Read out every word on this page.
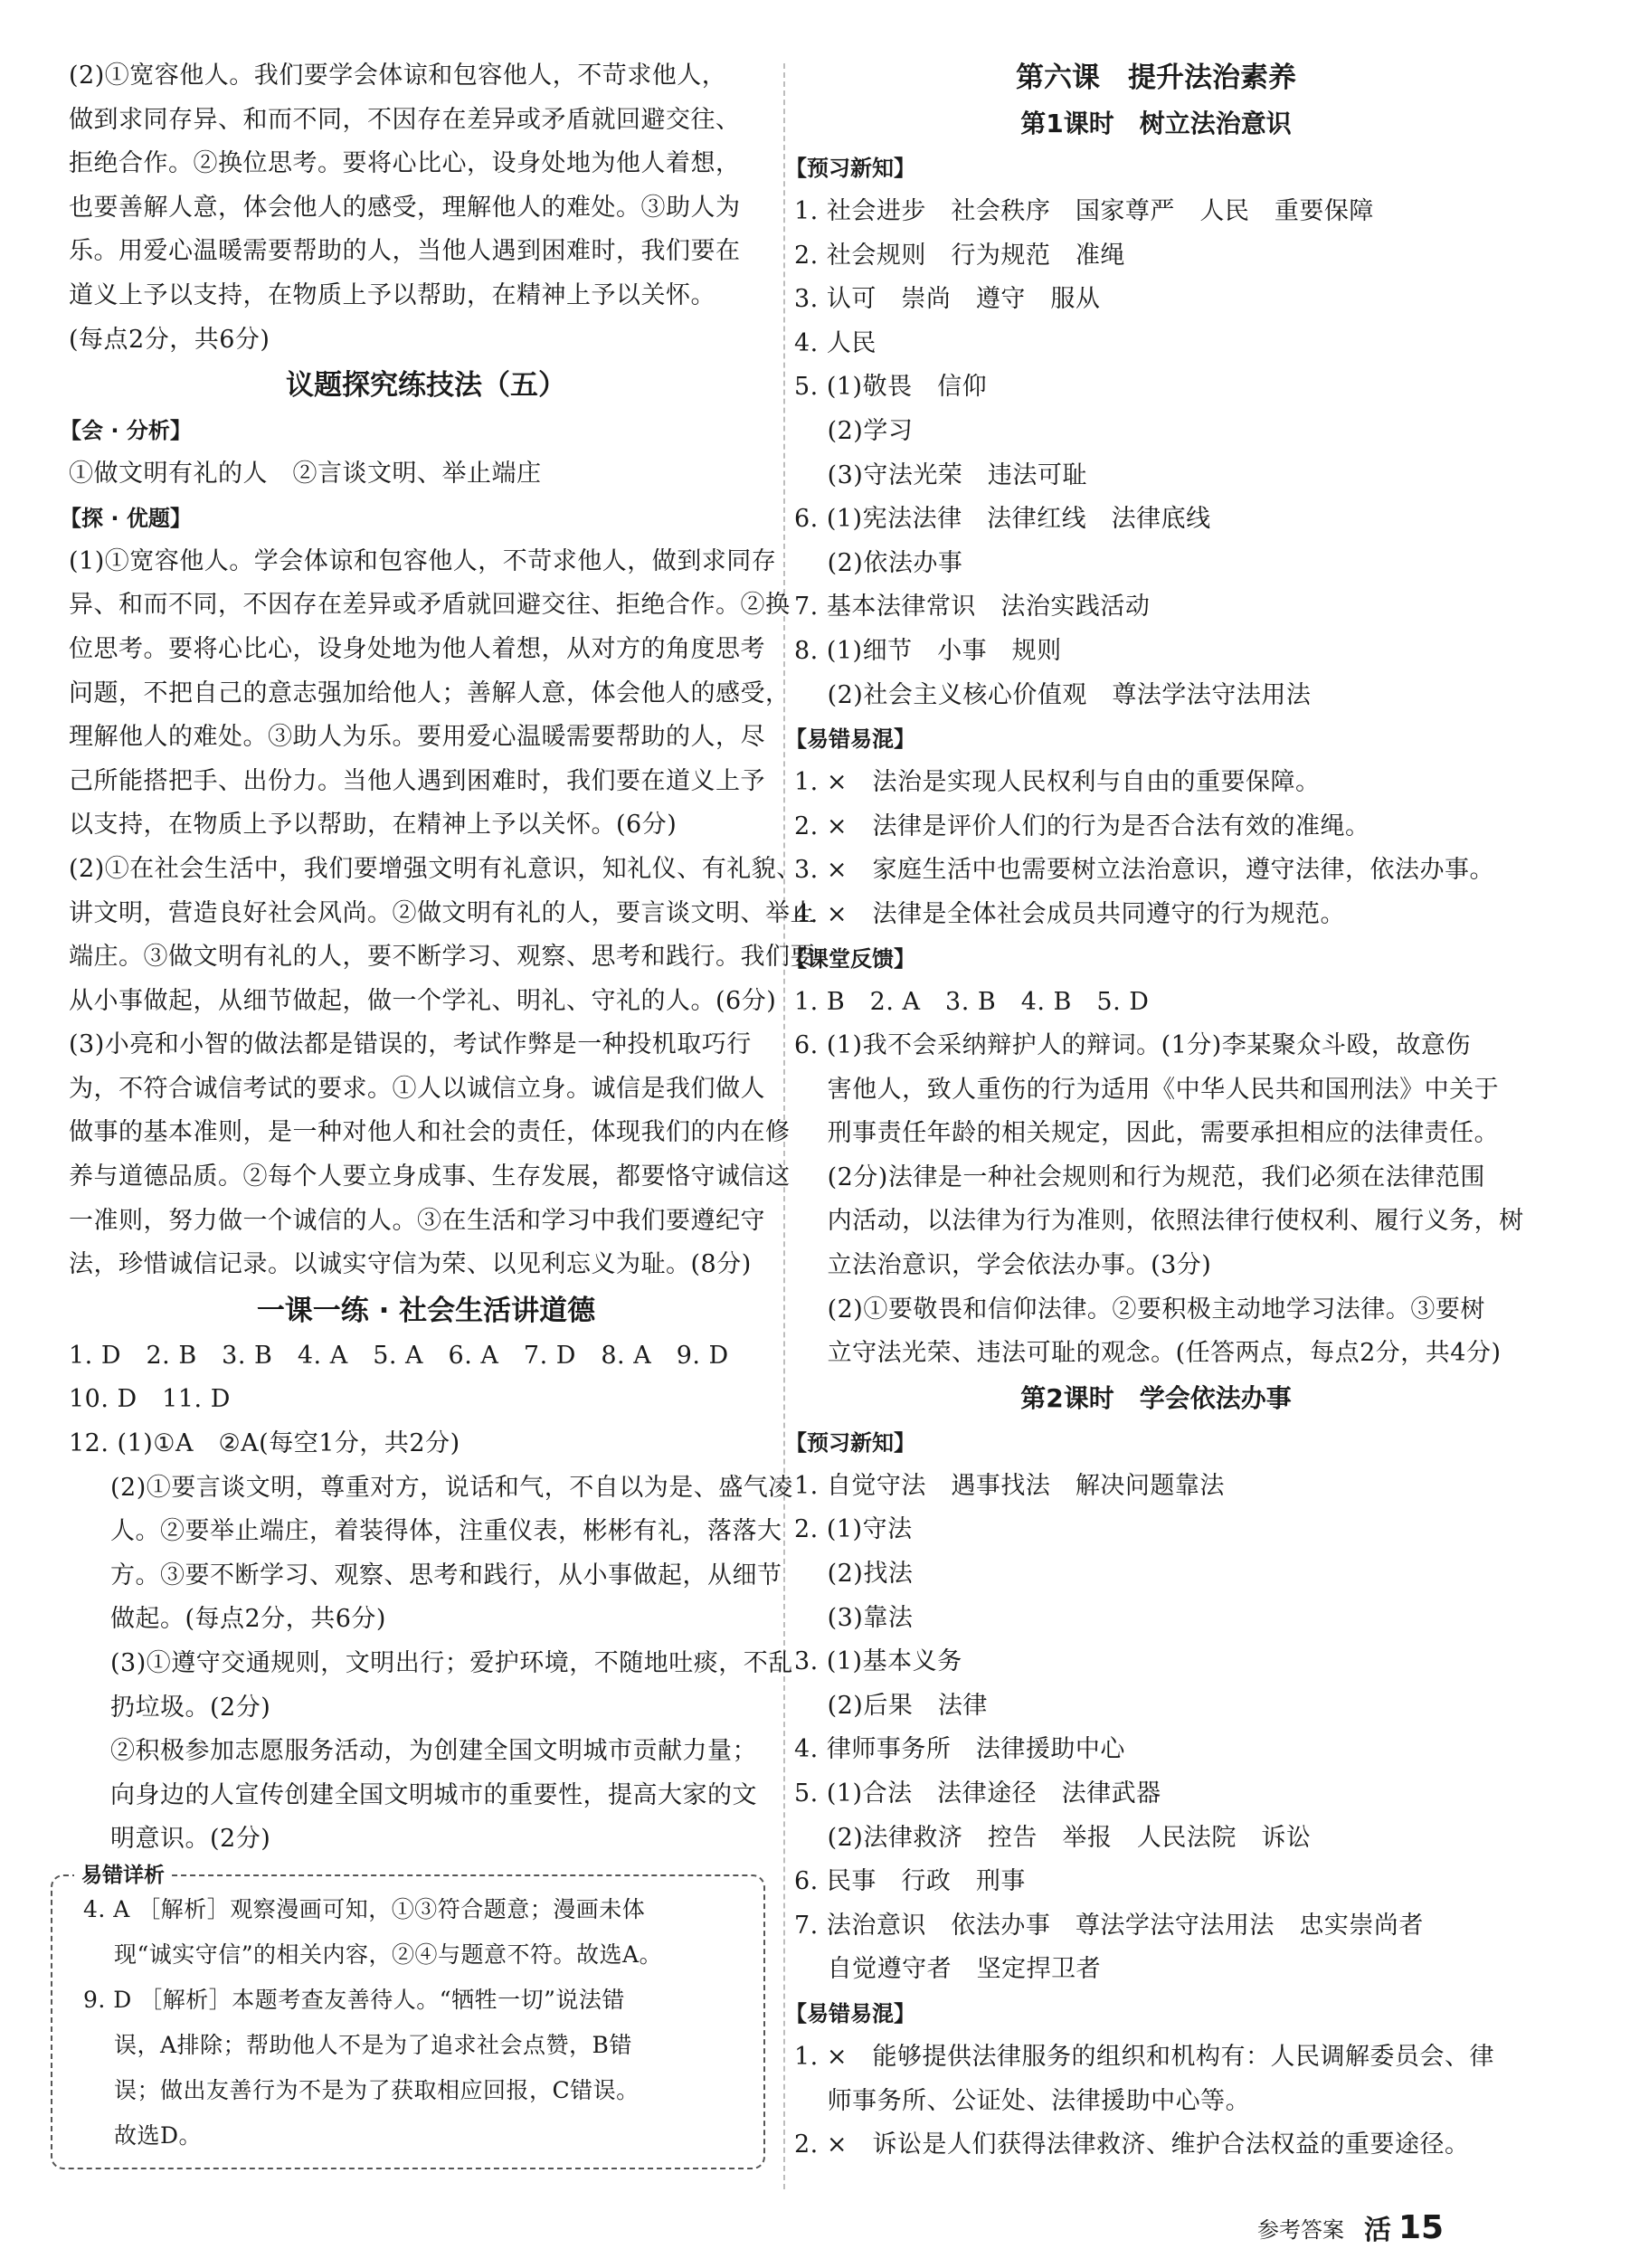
(2)①宽容他人。我们要学会体谅和包容他人，不苛求他人，
做到求同存异、和而不同，不因存在差异或矛盾就回避交往、
拒绝合作。②换位思考。要将心比心，设身处地为他人着想，
也要善解人意，体会他人的感受，理解他人的难处。③助人为
乐。用爱心温暖需要帮助的人，当他人遇到困难时，我们要在
道义上予以支持，在物质上予以帮助，在精神上予以关怀。
(每点2分，共6分)
议题探究练技法（五）
【会 · 分析】
①做文明有礼的人　②言谈文明、举止端庄
【探 · 优题】
(1)①宽容他人。学会体谅和包容他人，不苛求他人，做到求同存
异、和而不同，不因存在差异或矛盾就回避交往、拒绝合作。②换
位思考。要将心比心，设身处地为他人着想，从对方的角度思考
问题，不把自己的意志强加给他人；善解人意，体会他人的感受，
理解他人的难处。③助人为乐。要用爱心温暖需要帮助的人，尽
己所能搭把手、出份力。当他人遇到困难时，我们要在道义上予
以支持，在物质上予以帮助，在精神上予以关怀。(6分)
(2)①在社会生活中，我们要增强文明有礼意识，知礼仪、有礼貌、
讲文明，营造良好社会风尚。②做文明有礼的人，要言谈文明、举止
端庄。③做文明有礼的人，要不断学习、观察、思考和践行。我们要
从小事做起，从细节做起，做一个学礼、明礼、守礼的人。(6分)
(3)小亮和小智的做法都是错误的，考试作弊是一种投机取巧行
为，不符合诚信考试的要求。①人以诚信立身。诚信是我们做人
做事的基本准则，是一种对他人和社会的责任，体现我们的内在修
养与道德品质。②每个人要立身成事、生存发展，都要恪守诚信这
一准则，努力做一个诚信的人。③在生活和学习中我们要遵纪守
法，珍惜诚信记录。以诚实守信为荣、以见利忘义为耻。(8分)
一课一练 · 社会生活讲道德
1. D　2. B　3. B　4. A　5. A　6. A　7. D　8. A　9. D
10. D　11. D
12. (1)①A　②A(每空1分，共2分)
(2)①要言谈文明，尊重对方，说话和气，不自以为是、盛气凌
人。②要举止端庄，着装得体，注重仪表，彬彬有礼，落落大
方。③要不断学习、观察、思考和践行，从小事做起，从细节
做起。(每点2分，共6分)
(3)①遵守交通规则，文明出行；爱护环境，不随地吐痰，不乱
扔垃圾。(2分)
②积极参加志愿服务活动，为创建全国文明城市贡献力量；
向身边的人宣传创建全国文明城市的重要性，提高大家的文
明意识。(2分)
易错详析
4. A ［解析］观察漫画可知，①③符合题意；漫画未体
　 现“诚实守信”的相关内容，②④与题意不符。故选A。
9. D ［解析］本题考查友善待人。“牺牲一切”说法错
　 误，A排除；帮助他人不是为了追求社会点赞，B错
　 误；做出友善行为不是为了获取相应回报，C错误。
　 故选D。
第六课　提升法治素养
第1课时　树立法治意识
【预习新知】
1. 社会进步　社会秩序　国家尊严　人民　重要保障
2. 社会规则　行为规范　准绳
3. 认可　崇尚　遵守　服从
4. 人民
5. (1)敬畏　信仰
　 (2)学习
　 (3)守法光荣　违法可耻
6. (1)宪法法律　法律红线　法律底线
　 (2)依法办事
7. 基本法律常识　法治实践活动
8. (1)细节　小事　规则
　 (2)社会主义核心价值观　尊法学法守法用法
【易错易混】
1. ×　法治是实现人民权利与自由的重要保障。
2. ×　法律是评价人们的行为是否合法有效的准绳。
3. ×　家庭生活中也需要树立法治意识，遵守法律，依法办事。
4. ×　法律是全体社会成员共同遵守的行为规范。
【课堂反馈】
1. B　2. A　3. B　4. B　5. D
6. (1)我不会采纳辩护人的辩词。(1分)李某聚众斗殴，故意伤
　 害他人，致人重伤的行为适用《中华人民共和国刑法》中关于
　 刑事责任年龄的相关规定，因此，需要承担相应的法律责任。
　 (2分)法律是一种社会规则和行为规范，我们必须在法律范围
　 内活动，以法律为行为准则，依照法律行使权利、履行义务，树
　 立法治意识，学会依法办事。(3分)
　 (2)①要敬畏和信仰法律。②要积极主动地学习法律。③要树
　 立守法光荣、违法可耻的观念。(任答两点，每点2分，共4分)
第2课时　学会依法办事
【预习新知】
1. 自觉守法　遇事找法　解决问题靠法
2. (1)守法
　 (2)找法
　 (3)靠法
3. (1)基本义务
　 (2)后果　法律
4. 律师事务所　法律援助中心
5. (1)合法　法律途径　法律武器
　 (2)法律救济　控告　举报　人民法院　诉讼
6. 民事　行政　刑事
7. 法治意识　依法办事　尊法学法守法用法　忠实崇尚者
　 自觉遵守者　坚定捍卫者
【易错易混】
1. ×　能够提供法律服务的组织和机构有：人民调解委员会、律
　 师事务所、公证处、法律援助中心等。
2. ×　诉讼是人们获得法律救济、维护合法权益的重要途径。
参考答案 活 15
